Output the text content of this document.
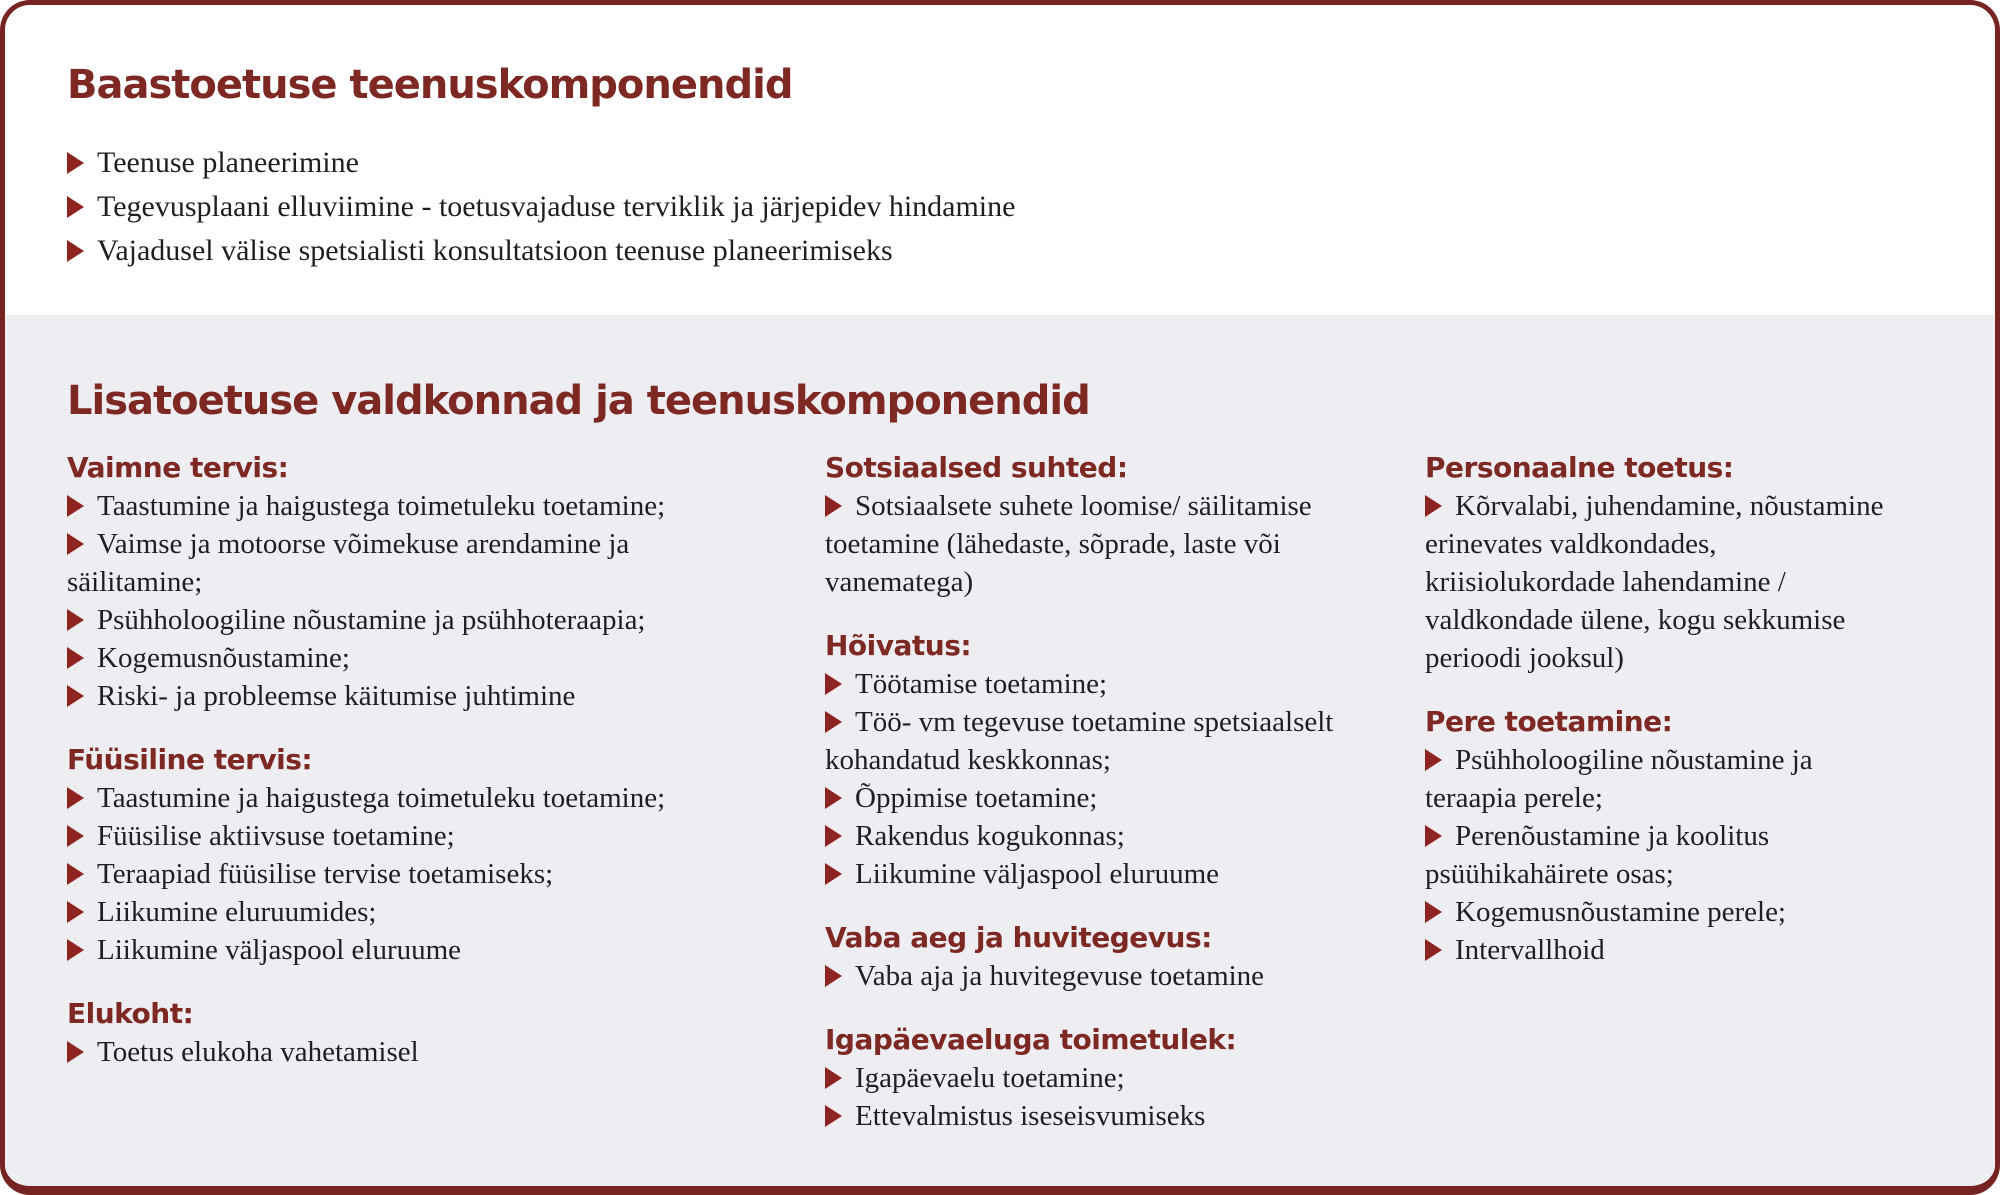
Baastoetuse teenuskomponendid

Teenuse planeerimine

Tegevusplaani elluviimine - toetusvajaduse terviklik ja järjepidev hindamine

Vajadusel välise spetsialisti konsultatsioon teenuse planeerimiseks

Lisatoetuse valdkonnad ja teenuskomponendid
Vaimne tervis:

Taastumine ja haigustega toimetuleku toetamine;

Vaimse ja motoorse võimekuse arendamine ja säilitamine;

Psühholoogiline nõustamine ja psühhoteraapia;

Kogemusnõustamine;

Riski- ja probleemse käitumise juhtimine

Füüsiline tervis:

Taastumine ja haigustega toimetuleku toetamine;

Füüsilise aktiivsuse toetamine;

Teraapiad füüsilise tervise toetamiseks;

Liikumine eluruumides;

Liikumine väljaspool eluruume

Elukoht:

Toetus elukoha vahetamisel

Sotsiaalsed suhted:

Sotsiaalsete suhete loomise/ säilitamise toetamine (lähedaste, sõprade, laste või vanematega)

Hõivatus:

Töötamise toetamine;

Töö- vm tegevuse toetamine spetsiaalselt kohandatud keskkonnas;

Õppimise toetamine;

Rakendus kogukonnas;

Liikumine väljaspool eluruume

Vaba aeg ja huvitegevus:

Vaba aja ja huvitegevuse toetamine

Igapäevaeluga toimetulek:

Igapäevaelu toetamine;

Ettevalmistus iseseisvumiseks

Personaalne toetus:

Kõrvalabi, juhendamine, nõustamine erinevates valdkondades, kriisiolukordade lahendamine / valdkondade ülene, kogu sekkumise perioodi jooksul)

Pere toetamine:

Psühholoogiline nõustamine ja teraapia perele;

Perenõustamine ja koolitus psüühikahäirete osas;

Kogemusnõustamine perele;

Intervallhoid
